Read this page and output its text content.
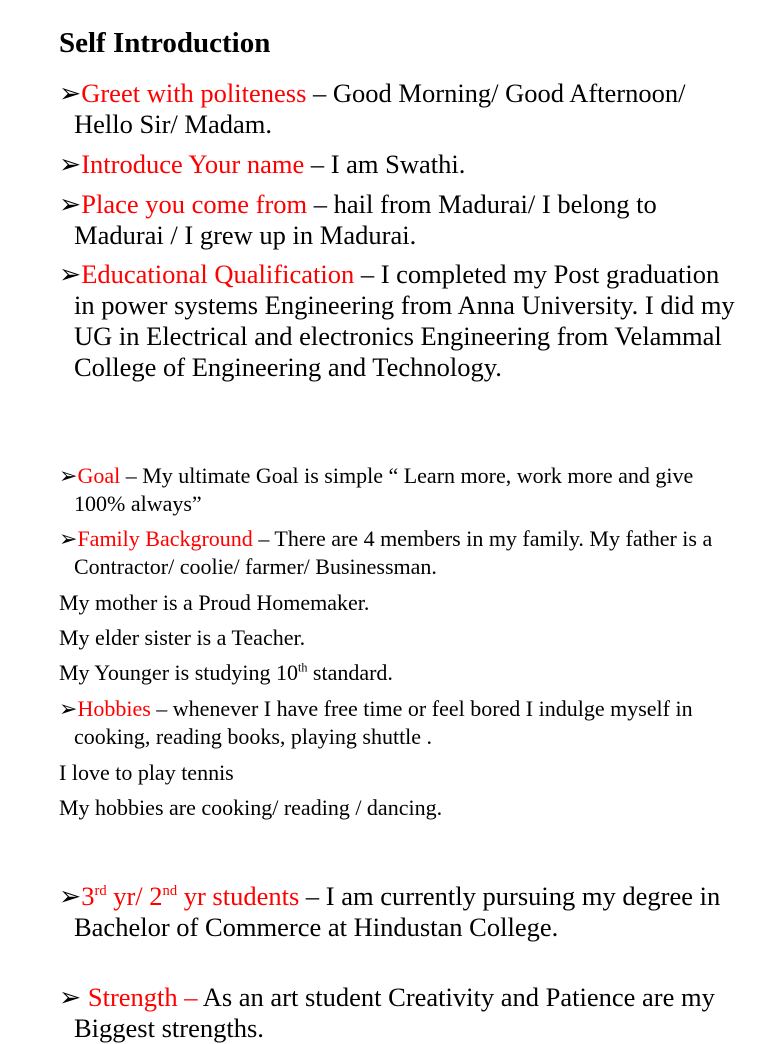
Self Introduction

➢Greet with politeness – Good Morning/ Good Afternoon/ Hello Sir/ Madam.

➢Introduce Your name – I am Swathi.

➢Place you come from – hail from Madurai/ I belong to Madurai / I grew up in Madurai.

➢Educational Qualification – I completed my Post graduation in power systems Engineering from Anna University. I did my UG in Electrical and electronics Engineering from Velammal College of Engineering and Technology.

➢Goal – My ultimate Goal is simple “ Learn more, work more and give 100% always”

➢Family Background – There are 4 members in my family. My father is a Contractor/ coolie/ farmer/ Businessman.

My mother is a Proud Homemaker.

My elder sister is a Teacher.

My Younger is studying 10th standard.

➢Hobbies – whenever I have free time or feel bored I indulge myself in cooking, reading books, playing shuttle .

I love to play tennis

My hobbies are cooking/ reading / dancing.

➢3rd yr/ 2nd yr students – I am currently pursuing my degree in Bachelor of Commerce at Hindustan College.

➢ Strength – As an art student Creativity and Patience are my Biggest strengths.
